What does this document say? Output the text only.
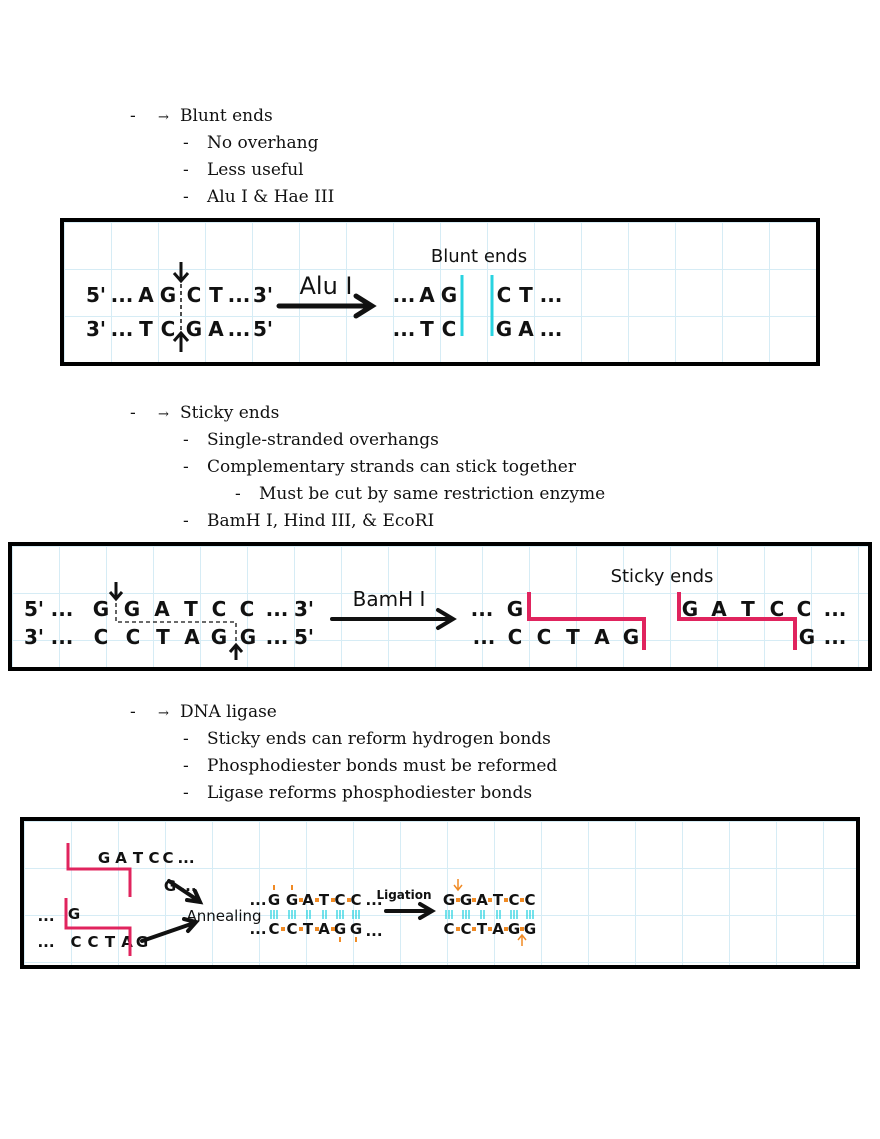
- → Blunt ends
- No overhang
- Less useful
- Alu I & Hae III
5' ... A G C T ... 3'
3' ... T C G A ... 5'
Alu I
Blunt ends
... A G C T ...
... T C G A ...
- → Sticky ends
- Single-stranded overhangs
- Complementary strands can stick together
- Must be cut by same restriction enzyme
- BamH I, Hind III, & EcoRI
5' ... G G A T C C ... 3'
3' ... C C T A G G ... 5'
BamH I
Sticky ends
... G
... C C T A G
G A T C C ...
G ...
- → DNA ligase
- Sticky ends can reform hydrogen bonds
- Phosphodiester bonds must be reformed
- Ligase reforms phosphodiester bonds
G A T C C ...
G ...
... G
... C C T A G
Annealing
... G G A T C C ...
... C C T A G G ...
Ligation G G A T C C
C C T A G G
